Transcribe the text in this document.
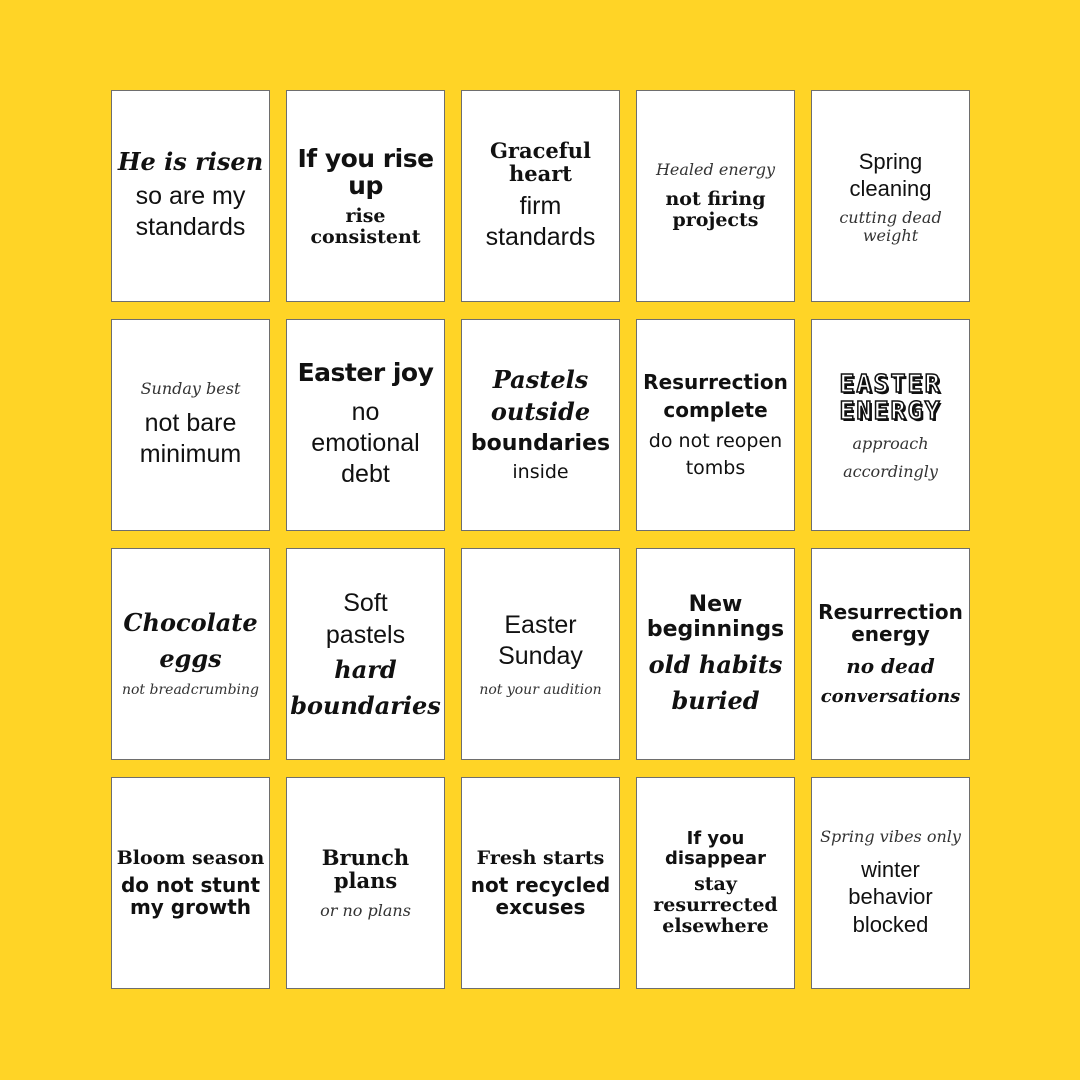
He is risen
so are my
standards
If you rise
up
rise consistent
Graceful
heart
firm
standards
Healed energy
not firing
projects
Spring
cleaning
cutting dead weight
Sunday best
not bare
minimum
Easter joy
no
emotional
debt
Pastels
outside
boundaries
inside
Resurrection
complete
do not reopen
tombs
EASTER
ENERGY
approach
accordingly
Chocolate
eggs
not breadcrumbing
Soft
pastels
hard
boundaries
Easter
Sunday
not your audition
New
beginnings
old habits
buried
Resurrection
energy
no dead
conversations
Bloom season
do not stunt
my growth
Brunch
plans
or no plans
Fresh starts
not recycled
excuses
If you disappear
stay
resurrected
elsewhere
Spring vibes only
winter
behavior
blocked
